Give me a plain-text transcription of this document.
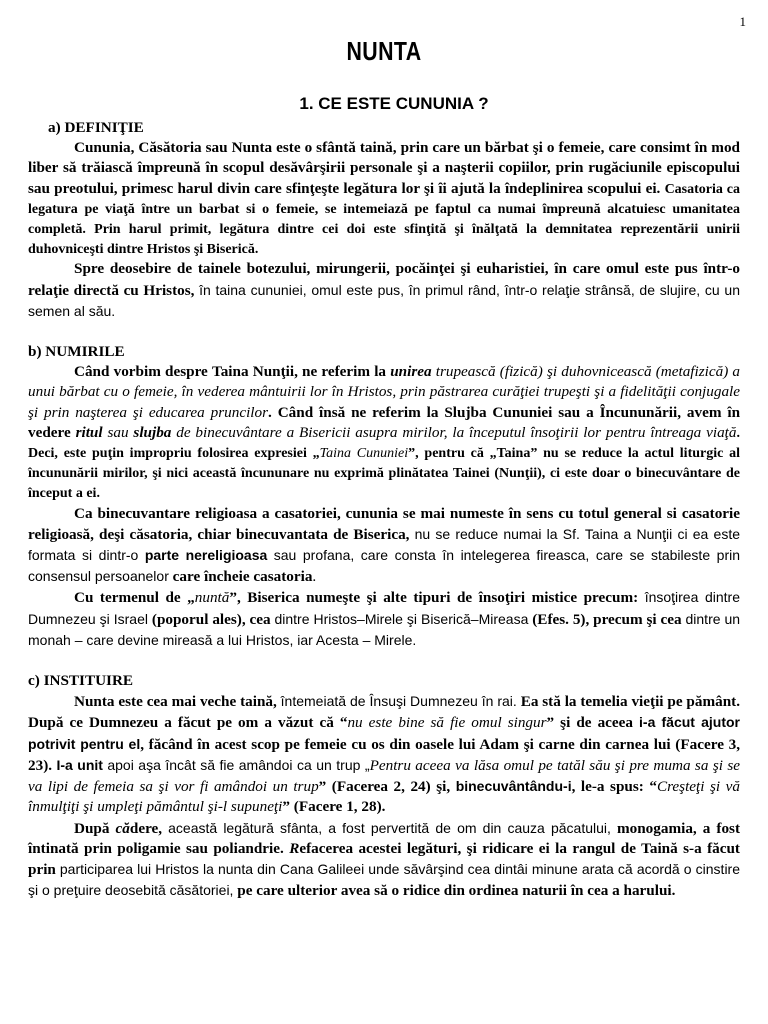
1
NUNTA
1. CE ESTE CUNUNIA ?

a) DEFINIŢIE

Cununia, Căsătoria sau Nunta este o sfântă taină, prin care un bărbat şi o femeie, care consimt în mod liber să trăiască împreună în scopul desăvârşirii personale şi a naşterii copiilor, prin rugăciunile episcopului sau preotului, primesc harul divin care sfinţeşte legătura lor şi îi ajută la îndeplinirea scopului ei. Casatoria ca legatura pe viaţă între un barbat si o femeie, se intemeiază pe faptul ca numai împreună alcatuiesc umanitatea completă. Prin harul primit, legătura dintre cei doi este sfinţită şi înălţată la demnitatea reprezentării unirii duhovniceşti dintre Hristos şi Biserică.

Spre deosebire de tainele botezului, mirungerii, pocăinţei şi euharistiei, în care omul este pus într-o relaţie directă cu Hristos, în taina cununiei, omul este pus, în primul rând, într-o relaţie strânsă, de slujire, cu un semen al său.

b) NUMIRILE

Când vorbim despre Taina Nunţii, ne referim la unirea trupească (fizică) şi duhovnicească (metafizică) a unui bărbat cu o femeie, în vederea mântuirii lor în Hristos, prin păstrarea curăţiei trupeşti şi a fidelităţii conjugale şi prin naşterea şi educarea pruncilor. Când însă ne referim la Slujba Cununiei sau a Încununării, avem în vedere ritul sau slujba de binecuvântare a Bisericii asupra mirilor, la începutul însoţirii lor pentru întreaga viaţă. Deci, este puţin impropriu folosirea expresiei „Taina Cununiei”, pentru că „Taina” nu se reduce la actul liturgic al încununării mirilor, şi nici această încununare nu exprimă plinătatea Tainei (Nunţii), ci este doar o binecuvântare de început a ei.

Ca binecuvantare religioasa a casatoriei, cununia se mai numeste în sens cu totul general si casatorie religioasă, deşi căsatoria, chiar binecuvantata de Biserica, nu se reduce numai la Sf. Taina a Nunţii ci ea este formata si dintr-o parte nereligioasa sau profana, care consta în intelegerea fireasca, care se stabileste prin consensul persoanelor care încheie casatoria.

Cu termenul de „nuntă”, Biserica numeşte şi alte tipuri de însoţiri mistice precum: însoţirea dintre Dumnezeu şi Israel (poporul ales), cea dintre Hristos–Mirele şi Biserică–Mireasa (Efes. 5), precum şi cea dintre un monah – care devine mireasă a lui Hristos, iar Acesta – Mirele.

c) INSTITUIRE

Nunta este cea mai veche taină, întemeiată de Însuşi Dumnezeu în rai. Ea stă la temelia vieţii pe pământ. După ce Dumnezeu a făcut pe om a văzut că “nu este bine să fie omul singur” şi de aceea i-a făcut ajutor potrivit pentru el, făcând în acest scop pe femeie cu os din oasele lui Adam şi carne din carnea lui (Facere 3, 23). I-a unit apoi aşa încât să fie amândoi ca un trup „Pentru aceea va lăsa omul pe tatăl său şi pre muma sa şi se va lipi de femeia sa şi vor fi amândoi un trup” (Facerea 2, 24) şi, binecuvântându-i, le-a spus: “Creşteţi şi vă înmulţiţi şi umpleţi pământul şi-l supuneţi” (Facere 1, 28).

După cădere, această legătură sfânta, a fost pervertită de om din cauza păcatului, monogamia, a fost întinată prin poligamie sau poliandrie. Refacerea acestei legături, şi ridicare ei la rangul de Taină s-a făcut prin participarea lui Hristos la nunta din Cana Galileei unde săvârşind cea dintâi minune arata că acordă o cinstire şi o preţuire deosebită căsătoriei, pe care ulterior avea să o ridice din ordinea naturii în cea a harului.
